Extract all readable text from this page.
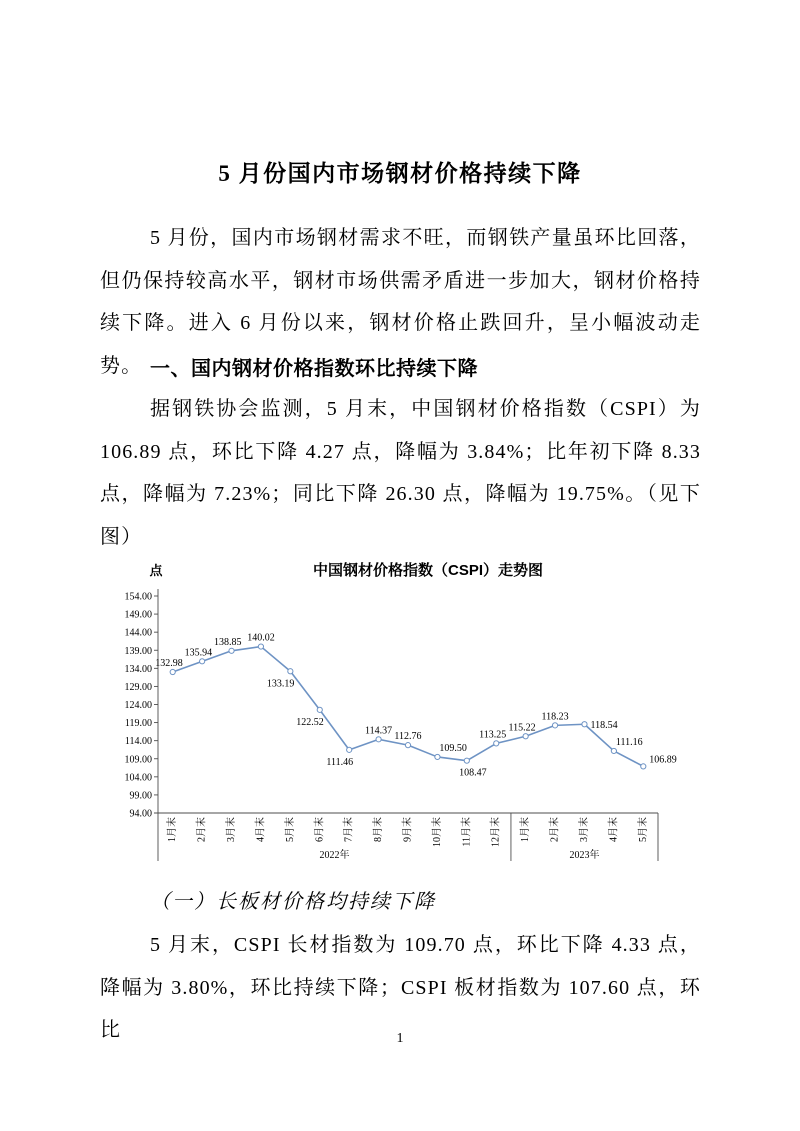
5 月份国内市场钢材价格持续下降
5 月份，国内市场钢材需求不旺，而钢铁产量虽环比回落，但仍保持较高水平，钢材市场供需矛盾进一步加大，钢材价格持续下降。进入 6 月份以来，钢材价格止跌回升，呈小幅波动走势。 一、国内钢材价格指数环比持续下降
据钢铁协会监测，5 月末，中国钢材价格指数（CSPI）为 106.89 点，环比下降 4.27 点，降幅为 3.84%；比年初下降 8.33 点，降幅为 7.23%；同比下降 26.30 点，降幅为 19.75%。（见下图）
中国钢材价格指数（CSPI）走势图
点
94.00
99.00
104.00
109.00
114.00
119.00
124.00
129.00
134.00
139.00
144.00
149.00
154.00
1月末 2月末 3月末 4月末 5月末 6月末 7月末 8月末 9月末 10月末 11月末 12月末 1月末 2月末 3月末 4月末 5月末
2022年	2023年
132.98
135.94
138.85 140.02
133.19
122.52
111.46
114.37
112.76
109.50
108.47
113.25
115.22
118.23
118.54
111.16
106.89
（一）长板材价格均持续下降
5 月末，CSPI 长材指数为 109.70 点，环比下降 4.33 点，降幅为 3.80%，环比持续下降；CSPI 板材指数为 107.60 点，环比	1
